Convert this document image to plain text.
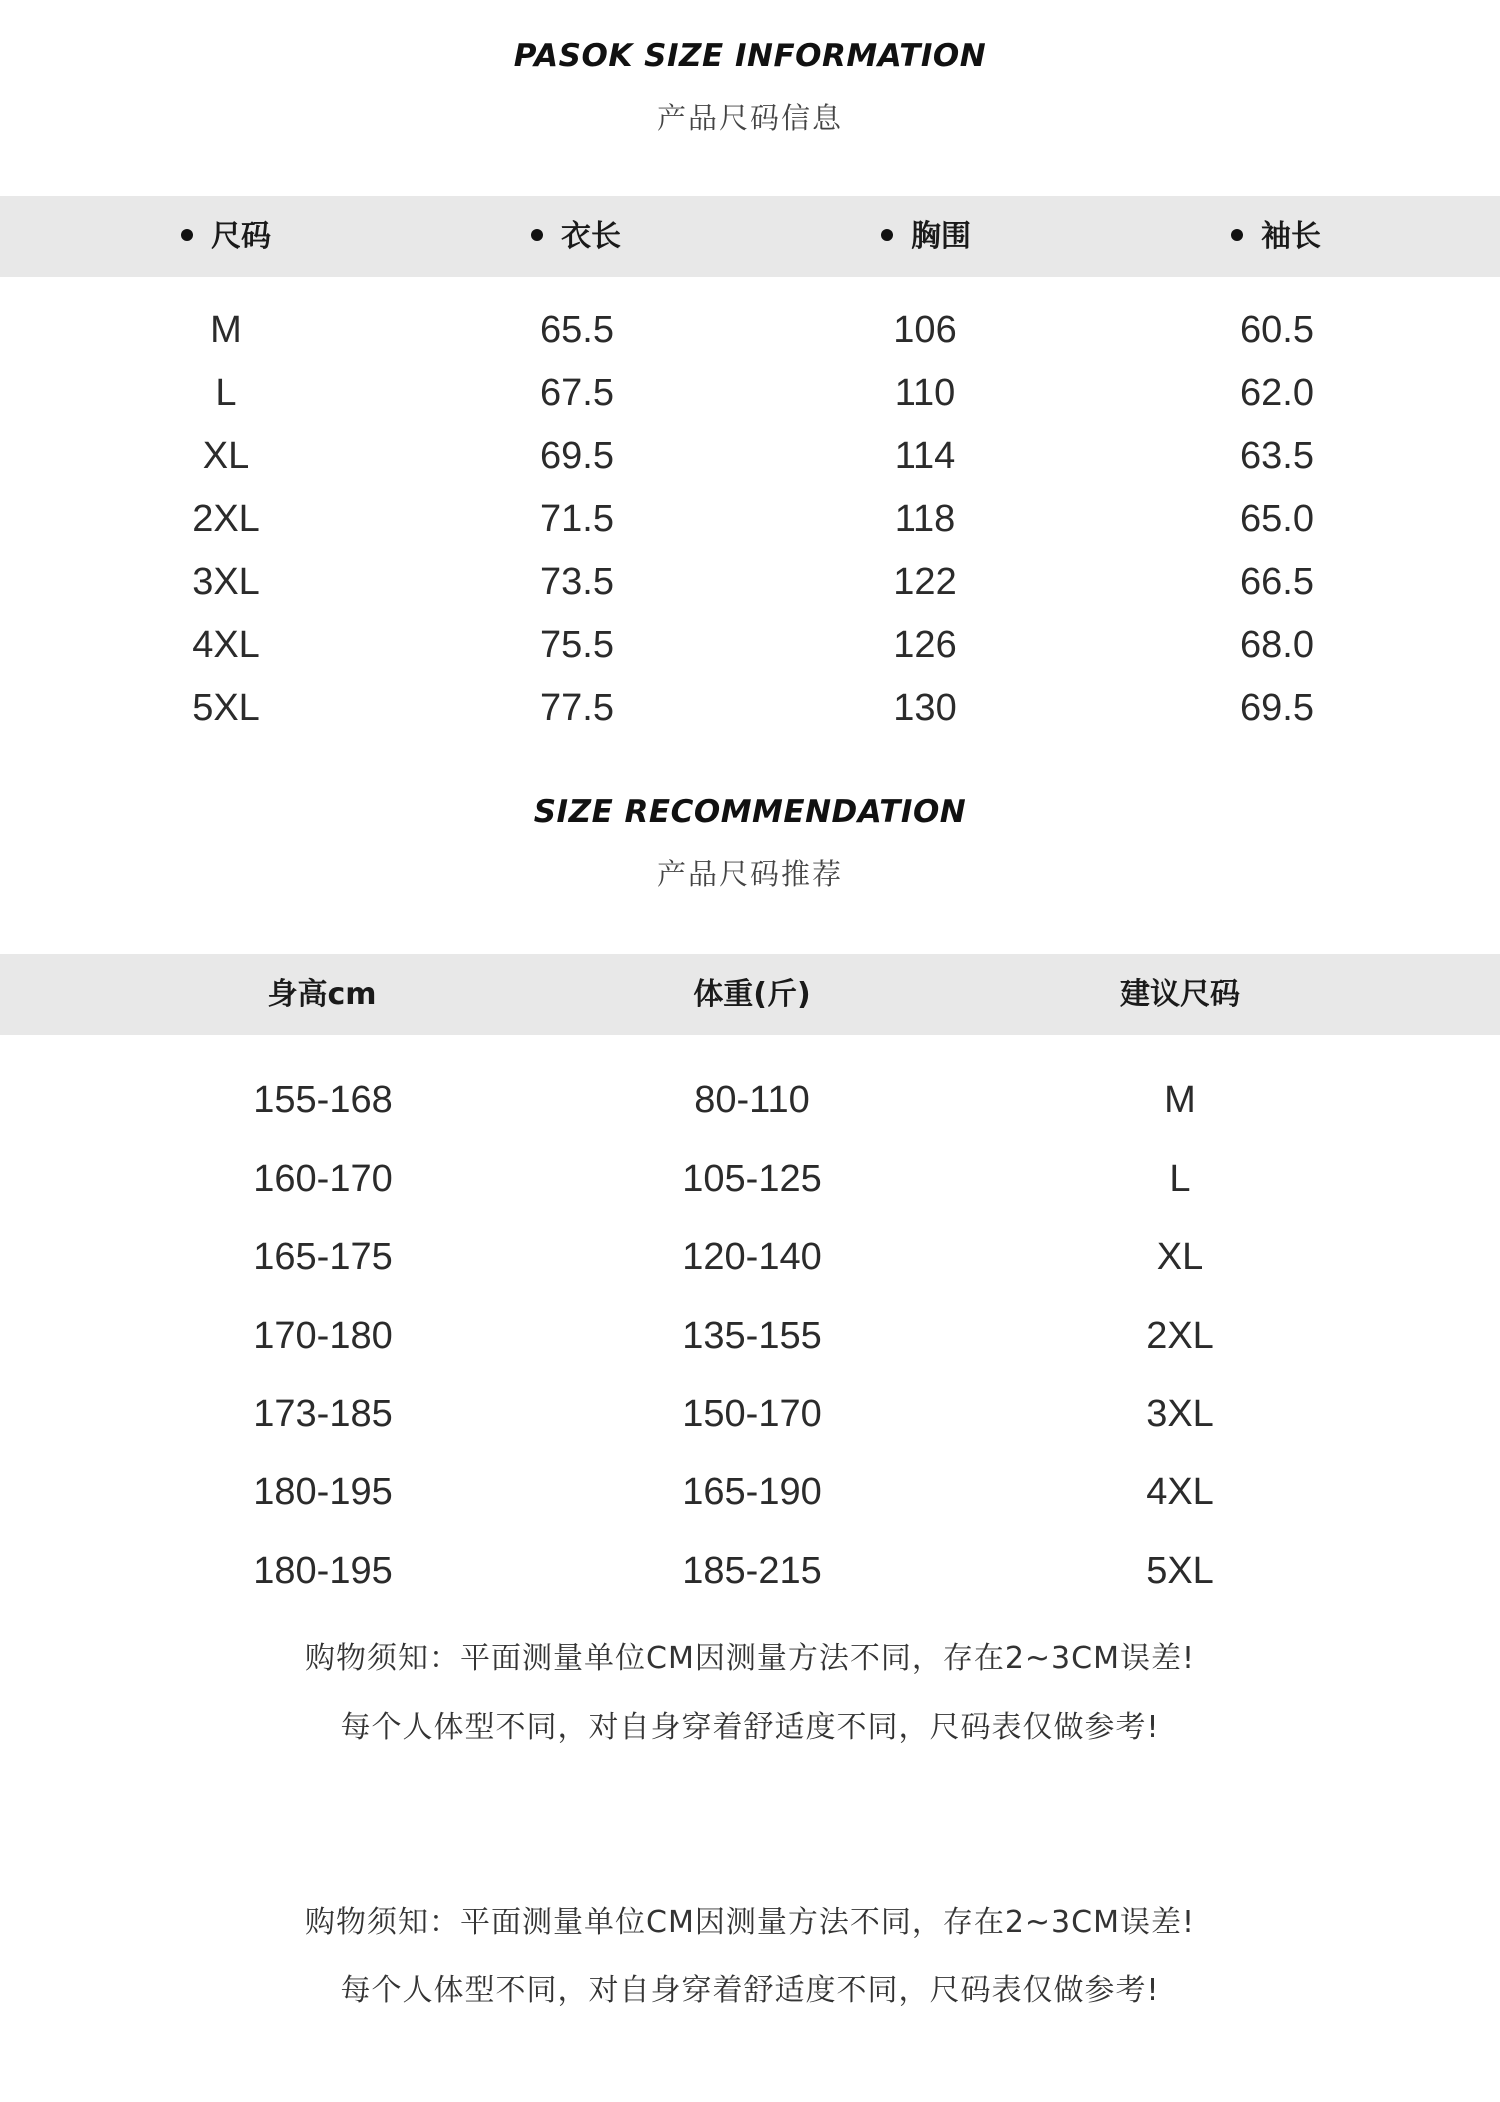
PASOK SIZE INFORMATION
产品尺码信息
尺码	衣长	胸围	袖长
M	65.5	106	60.5
L	67.5	110	62.0
XL	69.5	114	63.5
2XL	71.5	118	65.0
3XL	73.5	122	66.5
4XL	75.5	126	68.0
5XL	77.5	130	69.5
SIZE RECOMMENDATION
产品尺码推荐
身高cm	体重(斤)	建议尺码
155-168	80-110	M
160-170	105-125	L
165-175	120-140	XL
170-180	135-155	2XL
173-185	150-170	3XL
180-195	165-190	4XL
180-195	185-215	5XL
购物须知：平面测量单位CM因测量方法不同，存在2~3CM误差!
每个人体型不同，对自身穿着舒适度不同，尺码表仅做参考!
购物须知：平面测量单位CM因测量方法不同，存在2~3CM误差!
每个人体型不同，对自身穿着舒适度不同，尺码表仅做参考!
